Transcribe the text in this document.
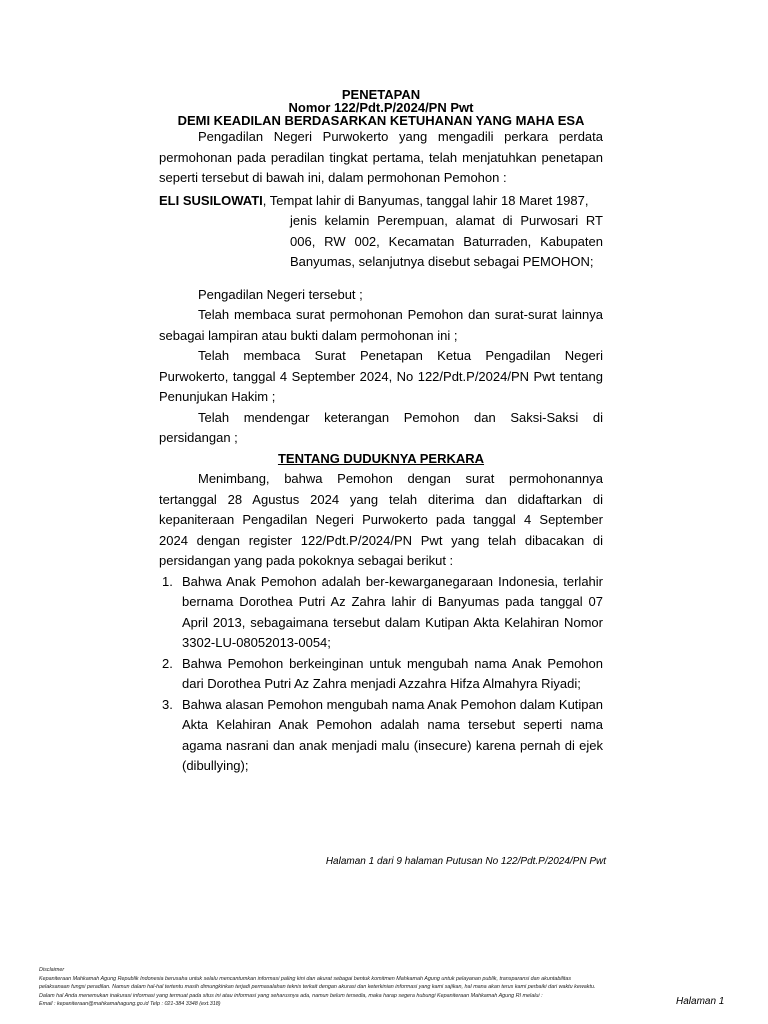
PENETAPAN

Nomor 122/Pdt.P/2024/PN Pwt

DEMI KEADILAN BERDASARKAN KETUHANAN YANG MAHA ESA

Pengadilan Negeri Purwokerto yang mengadili perkara perdata permohonan pada peradilan tingkat pertama, telah menjatuhkan penetapan seperti tersebut di bawah ini, dalam permohonan Pemohon :

ELI SUSILOWATI, Tempat lahir di Banyumas, tanggal lahir 18 Maret 1987,

jenis kelamin Perempuan, alamat di Purwosari RT 006, RW 002, Kecamatan Baturraden, Kabupaten Banyumas, selanjutnya disebut sebagai PEMOHON;

Pengadilan Negeri tersebut ;

Telah membaca surat permohonan Pemohon dan surat-surat lainnya sebagai lampiran atau bukti dalam permohonan ini ;

Telah membaca Surat Penetapan Ketua Pengadilan Negeri Purwokerto, tanggal 4 September 2024, No 122/Pdt.P/2024/PN Pwt tentang Penunjukan Hakim ;

Telah mendengar keterangan Pemohon dan Saksi-Saksi di persidangan ;

TENTANG DUDUKNYA PERKARA

Menimbang, bahwa Pemohon dengan surat permohonannya tertanggal 28 Agustus 2024 yang telah diterima dan didaftarkan di kepaniteraan Pengadilan Negeri Purwokerto pada tanggal 4 September 2024 dengan register 122/Pdt.P/2024/PN Pwt yang telah dibacakan di persidangan yang pada pokoknya sebagai berikut :

1. Bahwa Anak Pemohon adalah ber-kewarganegaraan Indonesia, terlahir bernama Dorothea Putri Az Zahra lahir di Banyumas pada tanggal 07 April 2013, sebagaimana tersebut dalam Kutipan Akta Kelahiran Nomor 3302-LU-08052013-0054;
2. Bahwa Pemohon berkeinginan untuk mengubah nama Anak Pemohon dari Dorothea Putri Az Zahra menjadi Azzahra Hifza Almahyra Riyadi;
3. Bahwa alasan Pemohon mengubah nama Anak Pemohon dalam Kutipan Akta Kelahiran Anak Pemohon adalah nama tersebut seperti nama agama nasrani dan anak menjadi malu (insecure) karena pernah di ejek (dibullying);
Halaman 1 dari 9 halaman Putusan No 122/Pdt.P/2024/PN Pwt

Disclaimer

Kepaniteraan Mahkamah Agung Republik Indonesia berusaha untuk selalu mencantumkan informasi paling kini dan akurat sebagai bentuk komitmen Mahkamah Agung untuk pelayanan publik, transparansi dan akuntabilitas

pelaksanaan fungsi peradilan. Namun dalam hal-hal tertentu masih dimungkinkan terjadi permasalahan teknis terkait dengan akurasi dan keterkinian informasi yang kami sajikan, hal mana akan terus kami perbaiki dari waktu kewaktu.

Dalam hal Anda menemukan inakurasi informasi yang termuat pada situs ini atau informasi yang seharusnya ada, namun belum tersedia, maka harap segera hubungi Kepaniteraan Mahkamah Agung RI melalui :

Email : kepaniteraan@mahkamahagung.go.id Telp : 021-384 3348 (ext.318)	Halaman 1
